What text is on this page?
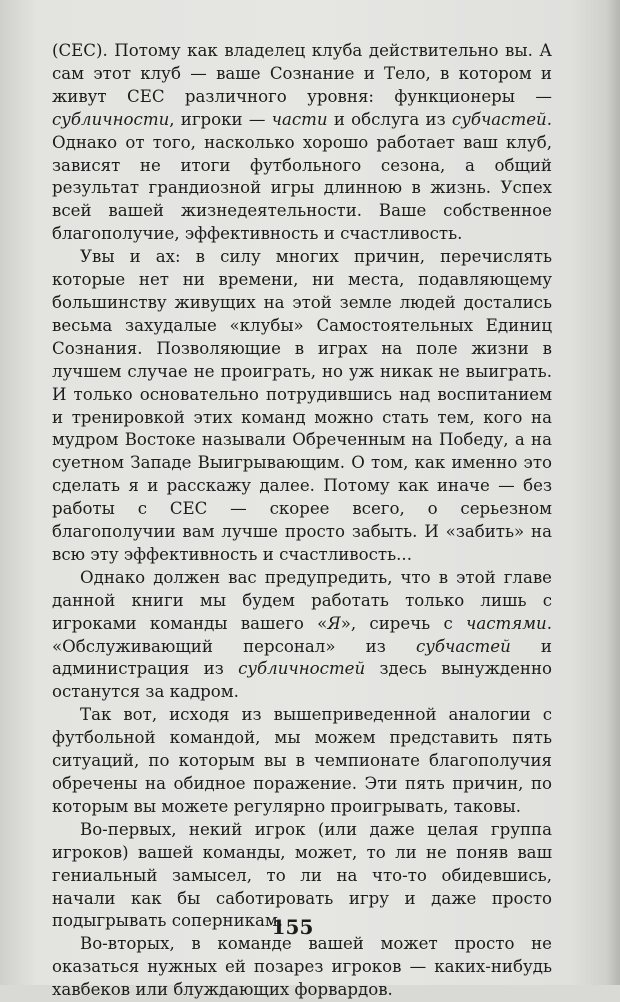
(СЕС). Потому как владелец клуба действительно вы. А сам этот клуб — ваше Сознание и Тело, в котором и живут СЕС различного уровня: функционеры — субличности, игроки — части и обслуга из субчастей. Однако от того, насколько хорошо работает ваш клуб, зависят не итоги футбольного сезона, а общий результат грандиозной игры длинною в жизнь. Успех всей вашей жизнедеятельности. Ваше собственное благополучие, эффективность и счастливость.

Увы и ах: в силу многих причин, перечислять которые нет ни времени, ни места, подавляющему большинству живущих на этой земле людей достались весьма захудалые «клубы» Самостоятельных Единиц Сознания. Позволяющие в играх на поле жизни в лучшем случае не проиграть, но уж никак не выиграть. И только основательно потрудившись над воспитанием и тренировкой этих команд можно стать тем, кого на мудром Востоке называли Обреченным на Победу, а на суетном Западе Выигрывающим. О том, как именно это сделать я и расскажу далее. Потому как иначе — без работы с СЕС — скорее всего, о серьезном благополучии вам лучше просто забыть. И «забить» на всю эту эффективность и счастливость...

Однако должен вас предупредить, что в этой главе данной книги мы будем работать только лишь с игроками команды вашего «Я», сиречь с частями. «Обслуживающий персонал» из субчастей и администрация из субличностей здесь вынужденно останутся за кадром.

Так вот, исходя из вышеприведенной аналогии с футбольной командой, мы можем представить пять ситуаций, по которым вы в чемпионате благополучия обречены на обидное поражение. Эти пять причин, по которым вы можете регулярно проигрывать, таковы.

Во-первых, некий игрок (или даже целая группа игроков) вашей команды, может, то ли не поняв ваш гениальный замысел, то ли на что-то обидевшись, начали как бы саботировать игру и даже просто подыгрывать соперникам.

Во-вторых, в команде вашей может просто не оказаться нужных ей позарез игроков — каких-нибудь хавбеков или блуждающих форвардов.

155
